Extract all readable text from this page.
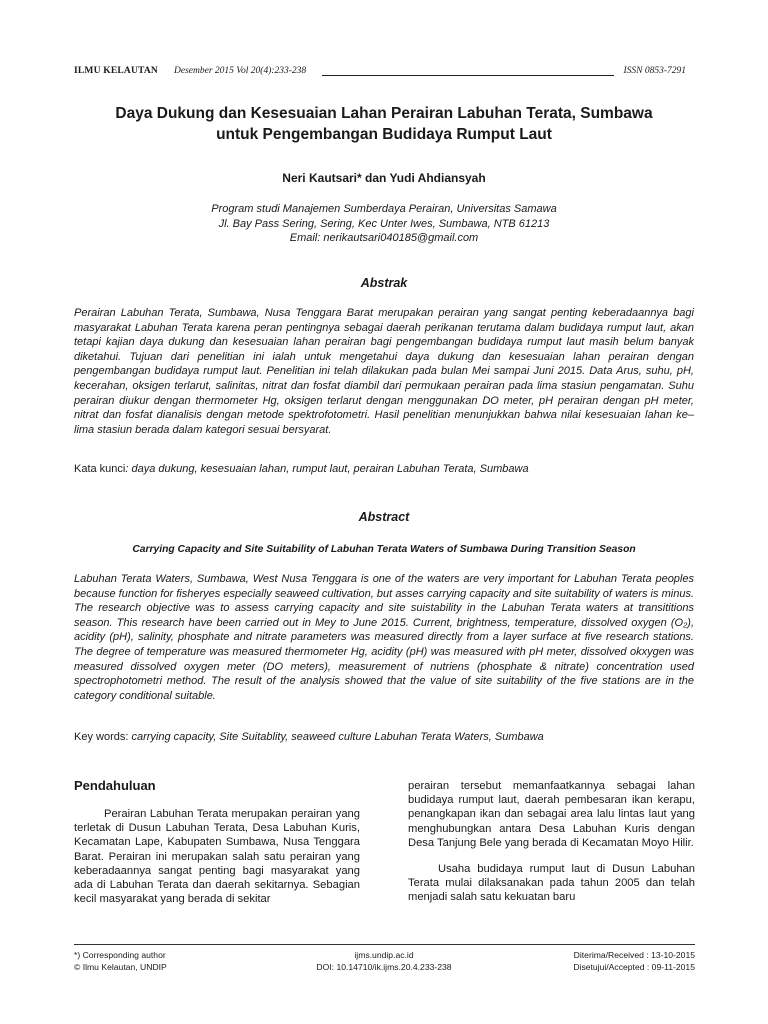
ILMU KELAUTAN Desember 2015 Vol 20(4):233-238	ISSN 0853-7291
Daya Dukung dan Kesesuaian Lahan Perairan Labuhan Terata, Sumbawa
untuk Pengembangan Budidaya Rumput Laut
Neri Kautsari* dan Yudi Ahdiansyah
Program studi Manajemen Sumberdaya Perairan, Universitas Samawa
Jl. Bay Pass Sering, Sering, Kec Unter Iwes, Sumbawa, NTB 61213
Email: nerikautsari040185@gmail.com
Abstrak
Perairan Labuhan Terata, Sumbawa, Nusa Tenggara Barat merupakan perairan yang sangat penting keberadaannya bagi masyarakat Labuhan Terata karena peran pentingnya sebagai daerah perikanan terutama dalam budidaya rumput laut, akan tetapi kajian daya dukung dan kesesuaian lahan perairan bagi pengembangan budidaya rumput laut masih belum banyak diketahui. Tujuan dari penelitian ini ialah untuk mengetahui daya dukung dan kesesuaian lahan perairan dengan pengembangan budidaya rumput laut. Penelitian ini telah dilakukan pada bulan Mei sampai Juni 2015. Data Arus, suhu, pH, kecerahan, oksigen terlarut, salinitas, nitrat dan fosfat diambil dari permukaan perairan pada lima stasiun pengamatan. Suhu perairan diukur dengan thermometer Hg, oksigen terlarut dengan menggunakan DO meter, pH perairan dengan pH meter, nitrat dan fosfat dianalisis dengan metode spektrofotometri. Hasil penelitian menunjukkan bahwa nilai kesesuaian lahan ke–lima stasiun berada dalam kategori sesuai bersyarat.
Kata kunci: daya dukung, kesesuaian lahan, rumput laut, perairan Labuhan Terata, Sumbawa
Abstract
Carrying Capacity and Site Suitability of Labuhan Terata Waters of Sumbawa During Transition Season
Labuhan Terata Waters, Sumbawa, West Nusa Tenggara is one of the waters are very important for Labuhan Terata peoples because function for fisheryes especially seaweed cultivation, but asses carrying capacity and site suitability of waters is minus. The research objective was to assess carrying capacity and site suistability in the Labuhan Terata waters at transititions season. This research have been carried out in Mey to June 2015. Current, brightness, temperature, dissolved oxygen (O₂), acidity (pH), salinity, phosphate and nitrate parameters was measured directly from a layer surface at five research stations. The degree of temperature was measured thermometer Hg, acidity (pH) was measured with pH meter, dissolved okxygen was measured dissolved oxygen meter (DO meters), measurement of nutriens (phosphate & nitrate) concentration used spectrophotometri method. The result of the analysis showed that the value of site suitability of the five stations are in the category conditional suitable.
Key words: carrying capacity, Site Suitablity, seaweed culture Labuhan Terata Waters, Sumbawa
Pendahuluan

Perairan Labuhan Terata merupakan perairan yang terletak di Dusun Labuhan Terata, Desa Labuhan Kuris, Kecamatan Lape, Kabupaten Sumbawa, Nusa Tenggara Barat. Perairan ini merupakan salah satu perairan yang keberadaannya sangat penting bagi masyarakat yang ada di Labuhan Terata dan daerah sekitarnya. Sebagian kecil masyarakat yang berada di sekitar

perairan tersebut memanfaatkannya sebagai lahan budidaya rumput laut, daerah pembesaran ikan kerapu, penangkapan ikan dan sebagai area lalu lintas laut yang menghubungkan antara Desa Labuhan Kuris dengan Desa Tanjung Bele yang berada di Kecamatan Moyo Hilir.

Usaha budidaya rumput laut di Dusun Labuhan Terata mulai dilaksanakan pada tahun 2005 dan telah menjadi salah satu kekuatan baru

*) Corresponding author
© Ilmu Kelautan, UNDIP
ijms.undip.ac.id
DOI: 10.14710/ik.ijms.20.4.233-238
Diterima/Received : 13-10-2015
Disetujui/Accepted : 09-11-2015
